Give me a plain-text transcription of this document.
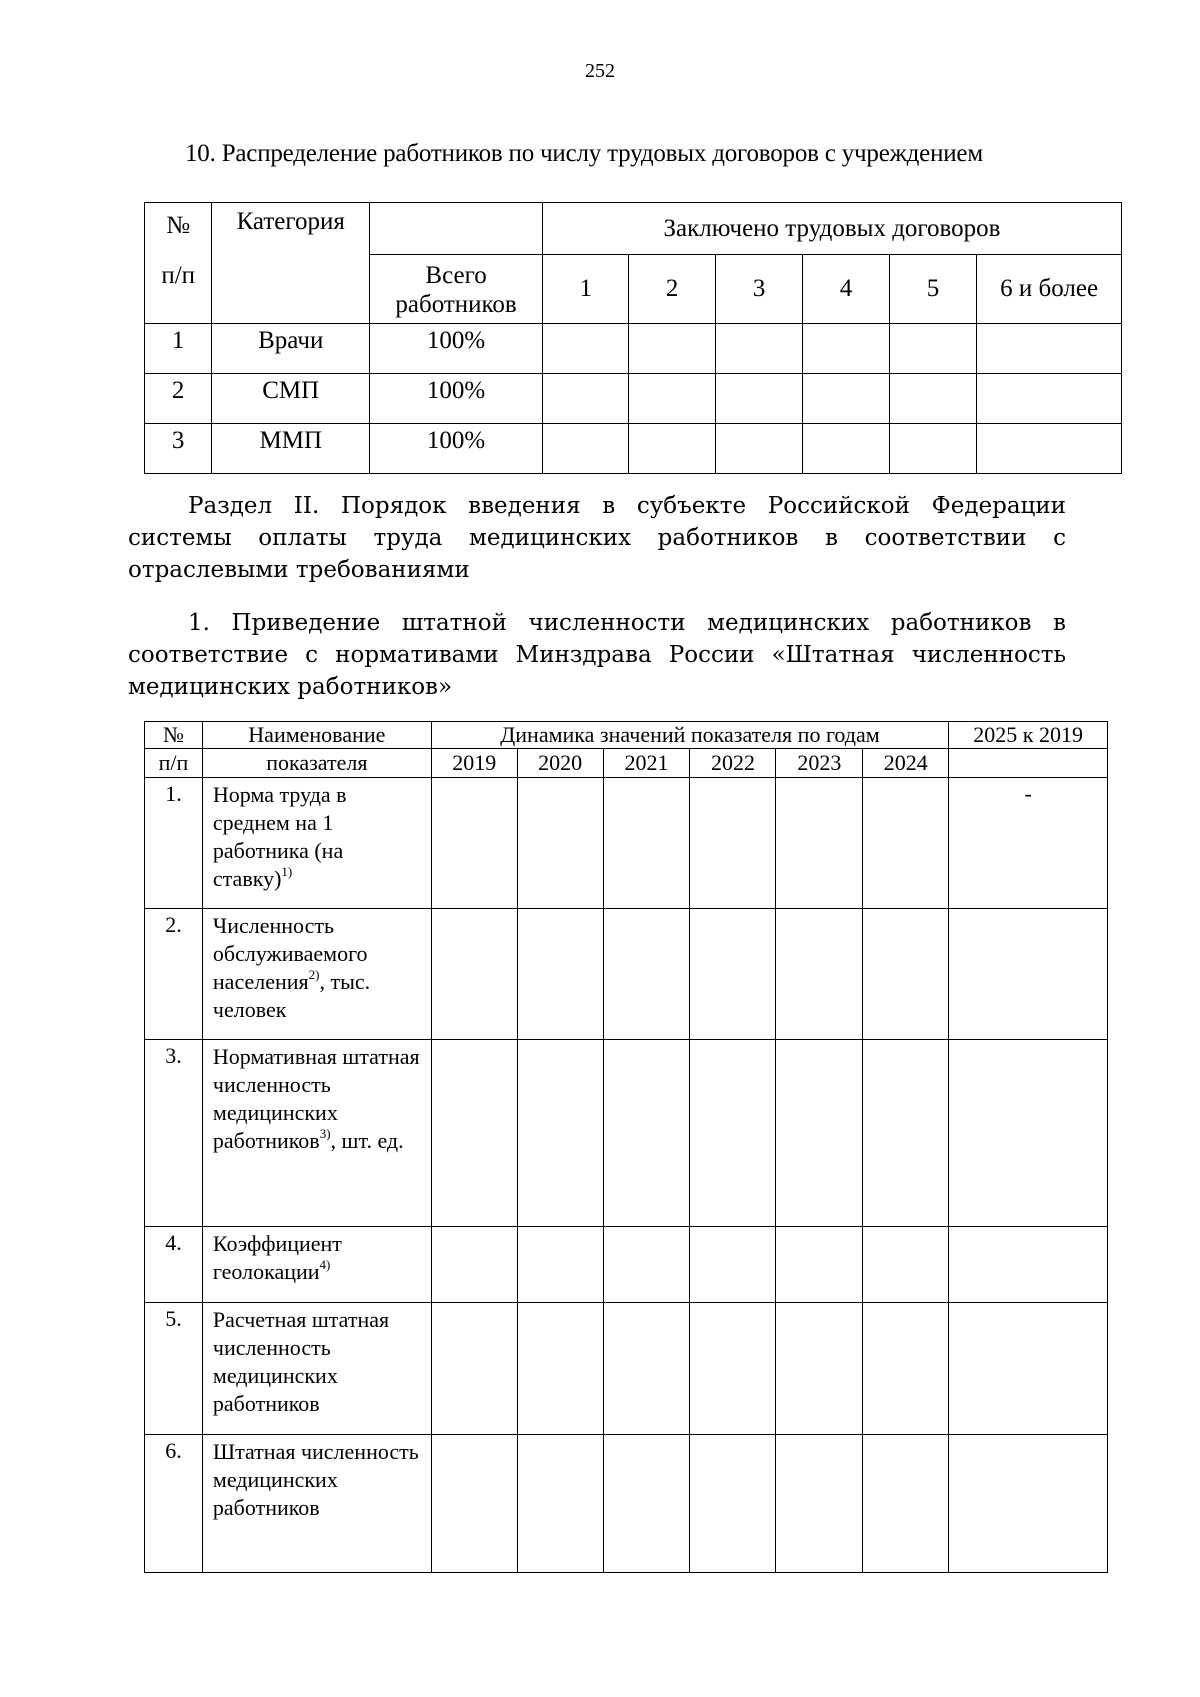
252
10. Распределение работников по числу трудовых договоров с учреждением
№
п/п	Категория		Заключено трудовых договоров					
		Всего работников	1	2	3	4	5	6 и более
1	Врачи	100%						
2	СМП	100%						
3	ММП	100%						
Раздел II. Порядок введения в субъекте Российской Федерации системы оплаты труда медицинских работников в соответствии с отраслевыми требованиями
1. Приведение штатной численности медицинских работников в соответствие с нормативами Минздрава России «Штатная численность медицинских работников»
№	Наименование	Динамика значений показателя по годам						2025 к 2019
п/п	показателя	2019	2020	2021	2022	2023	2024	
1.	Норма труда в среднем на 1 работника (на ставку)$^{1)}$							-
2.	Численность обслуживаемого населения$^{2)}$, тыс. человек							
3.	Нормативная штатная численность медицинских работников$^{3)}$, шт. ед.							
4.	Коэффициент геолокации$^{4)}$							
5.	Расчетная штатная численность медицинских работников							
6.	Штатная численность медицинских работников							
